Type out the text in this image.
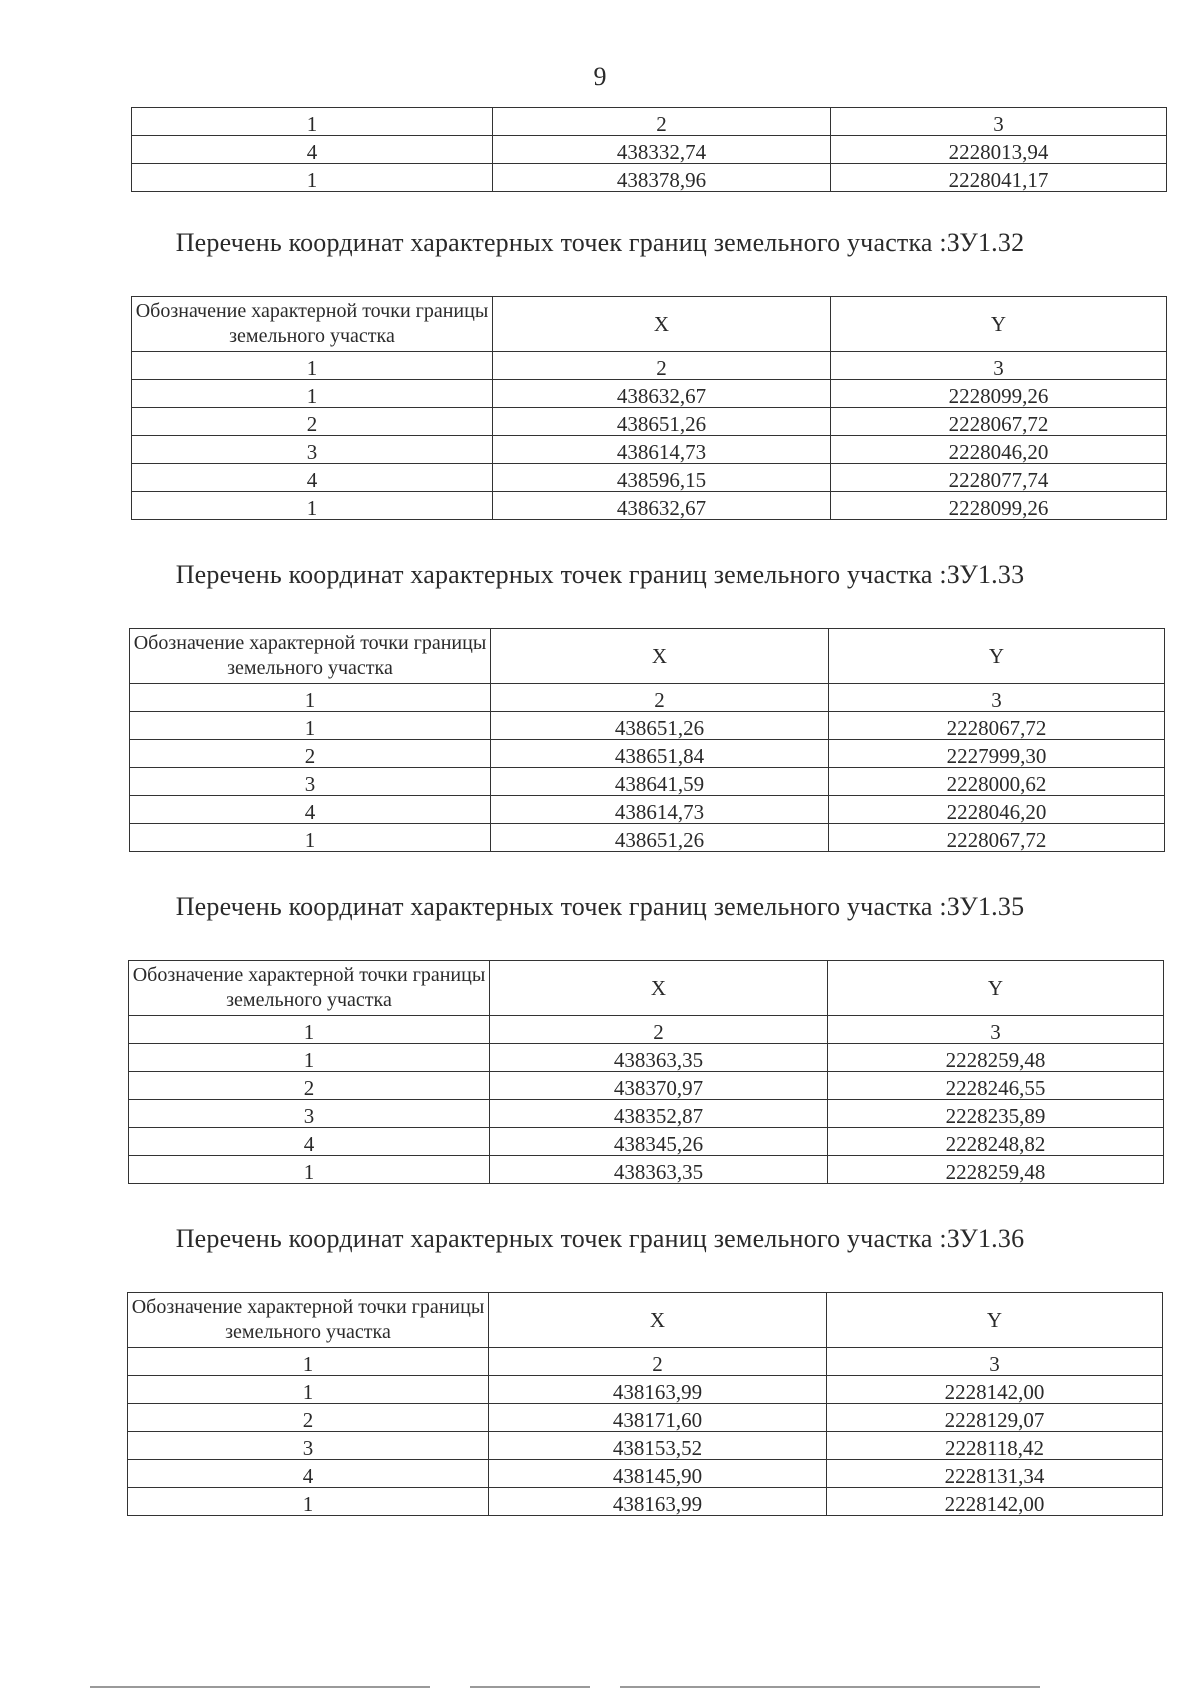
9
1	2	3
4	438332,74	2228013,94
1	438378,96	2228041,17
Перечень координат характерных точек границ земельного участка :ЗУ1.32
Обозначение характерной точки границы земельного участка	X	Y
1	2	3
1	438632,67	2228099,26
2	438651,26	2228067,72
3	438614,73	2228046,20
4	438596,15	2228077,74
1	438632,67	2228099,26
Перечень координат характерных точек границ земельного участка :ЗУ1.33
Обозначение характерной точки границы земельного участка	X	Y
1	2	3
1	438651,26	2228067,72
2	438651,84	2227999,30
3	438641,59	2228000,62
4	438614,73	2228046,20
1	438651,26	2228067,72
Перечень координат характерных точек границ земельного участка :ЗУ1.35
Обозначение характерной точки границы земельного участка	X	Y
1	2	3
1	438363,35	2228259,48
2	438370,97	2228246,55
3	438352,87	2228235,89
4	438345,26	2228248,82
1	438363,35	2228259,48
Перечень координат характерных точек границ земельного участка :ЗУ1.36
Обозначение характерной точки границы земельного участка	X	Y
1	2	3
1	438163,99	2228142,00
2	438171,60	2228129,07
3	438153,52	2228118,42
4	438145,90	2228131,34
1	438163,99	2228142,00
